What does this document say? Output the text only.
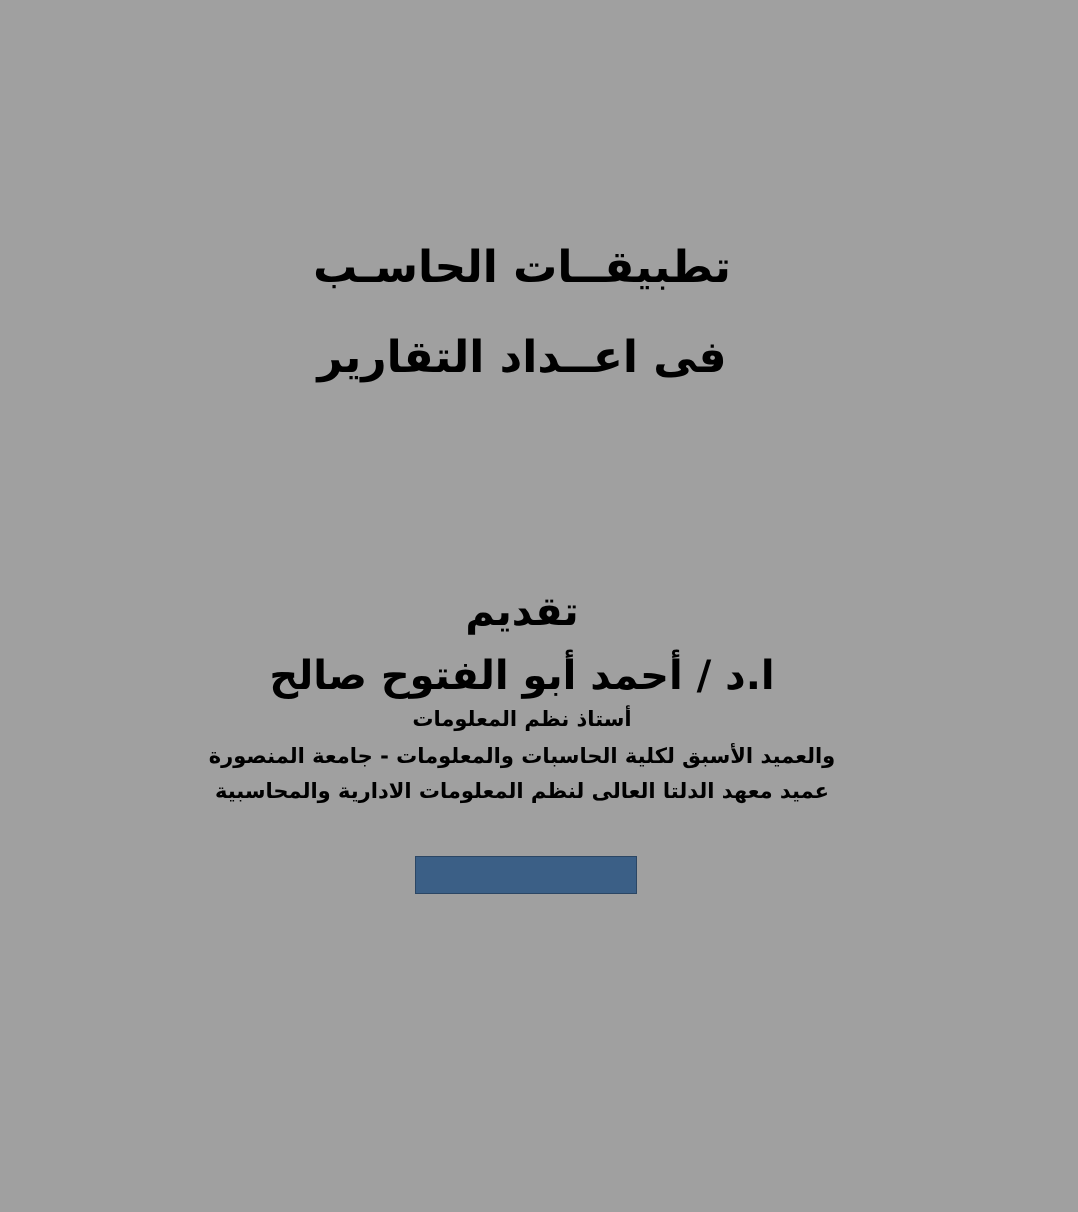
تطبيقــات الحاسـب
فى اعــداد التقارير
تقديم
ا.د / أحمد أبو الفتوح صالح
أستاذ نظم المعلومات
والعميد الأسبق لكلية الحاسبات والمعلومات - جامعة المنصورة
عميد معهد الدلتا العالى لنظم المعلومات الادارية والمحاسبية
